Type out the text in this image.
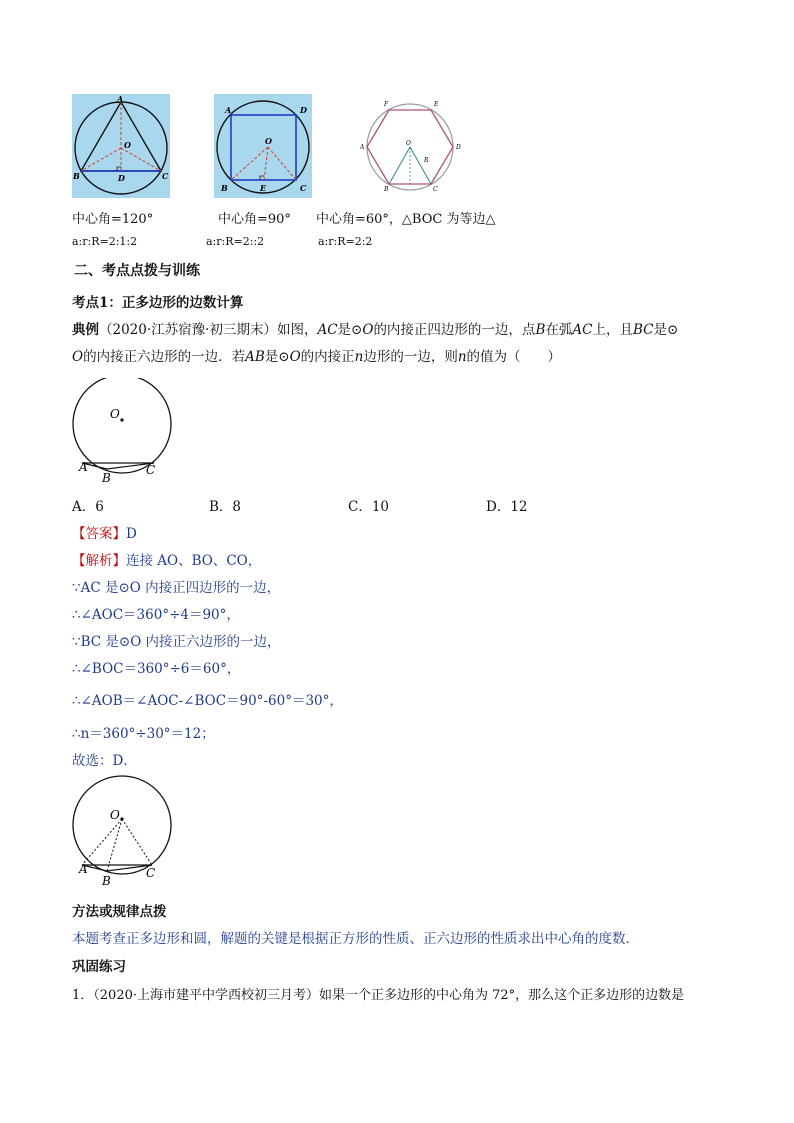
A
O
B	D	C
A	D
O
B	E	C
F	E
A
O
R
D
B	C
中心角=120°	中心角=90° 中心角=60°，△BOC 为等边△
a:r:R=2:1:2	a:r:R=2::2	a:r:R=2:2
二、考点点拨与训练
考点1：正多边形的边数计算
典例（2020·江苏宿豫·初三期末）如图，AC是⊙O的内接正四边形的一边，点B在弧AC上，且BC是⊙
O的内接正六边形的一边．若AB是⊙O的内接正n边形的一边，则n的值为（　　）
O
A
B
C
A．6	B．8	C．10	D．12
【答案】D
【解析】连接 AO、BO、CO，
∵AC 是⊙O 内接正四边形的一边，
∴∠AOC＝360°÷4＝90°，
∵BC 是⊙O 内接正六边形的一边，
∴∠BOC＝360°÷6＝60°，
∴∠AOB＝∠AOC-∠BOC＝90°-60°＝30°，
∴n＝360°÷30°＝12；
故选：D．
O
A
B
C
方法或规律点拨
本题考查正多边形和圆，解题的关键是根据正方形的性质、正六边形的性质求出中心角的度数．
巩固练习
1．（2020·上海市建平中学西校初三月考）如果一个正多边形的中心角为 72°，那么这个正多边形的边数是
